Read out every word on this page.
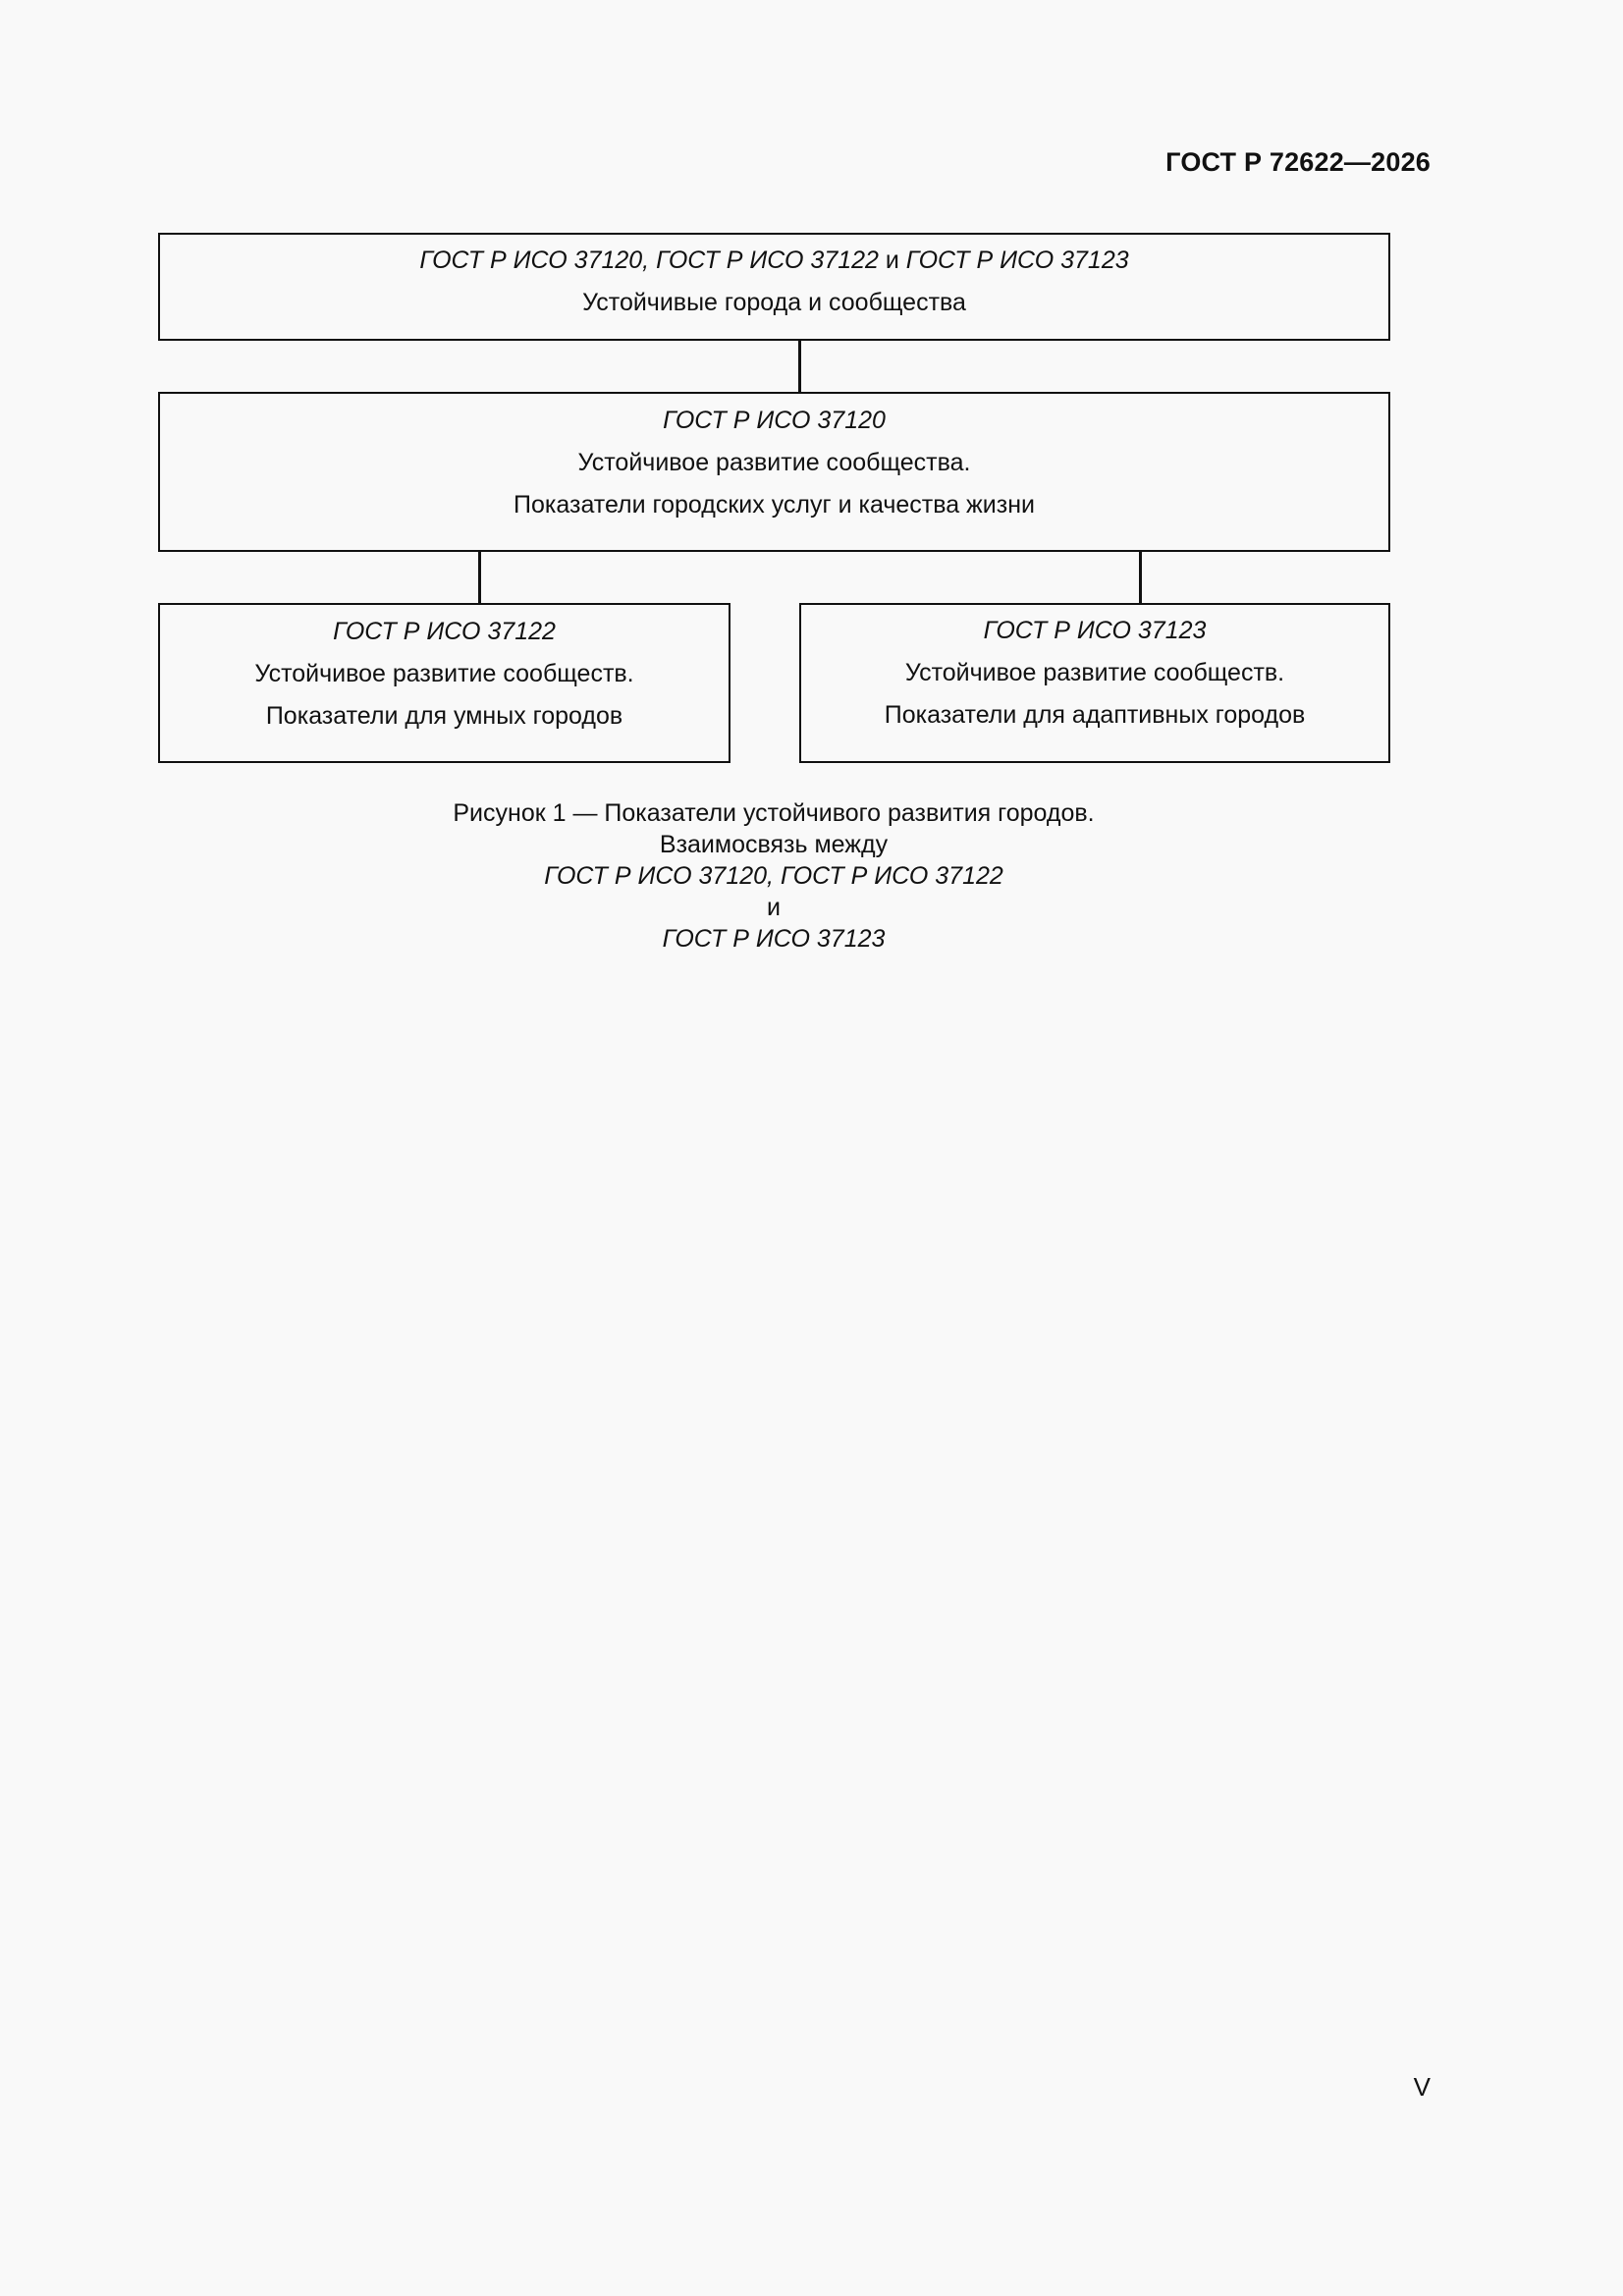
ГОСТ Р 72622—2026
ГОСТ Р ИСО 37120, ГОСТ Р ИСО 37122 и ГОСТ Р ИСО 37123
Устойчивые города и сообщества
ГОСТ Р ИСО 37120
Устойчивое развитие сообщества.
Показатели городских услуг и качества жизни
ГОСТ Р ИСО 37122
Устойчивое развитие сообществ.
Показатели для умных городов
ГОСТ Р ИСО 37123
Устойчивое развитие сообществ.
Показатели для адаптивных городов
Рисунок 1 — Показатели устойчивого развития городов.
Взаимосвязь между
ГОСТ Р ИСО 37120, ГОСТ Р ИСО 37122
и
ГОСТ Р ИСО 37123
V
